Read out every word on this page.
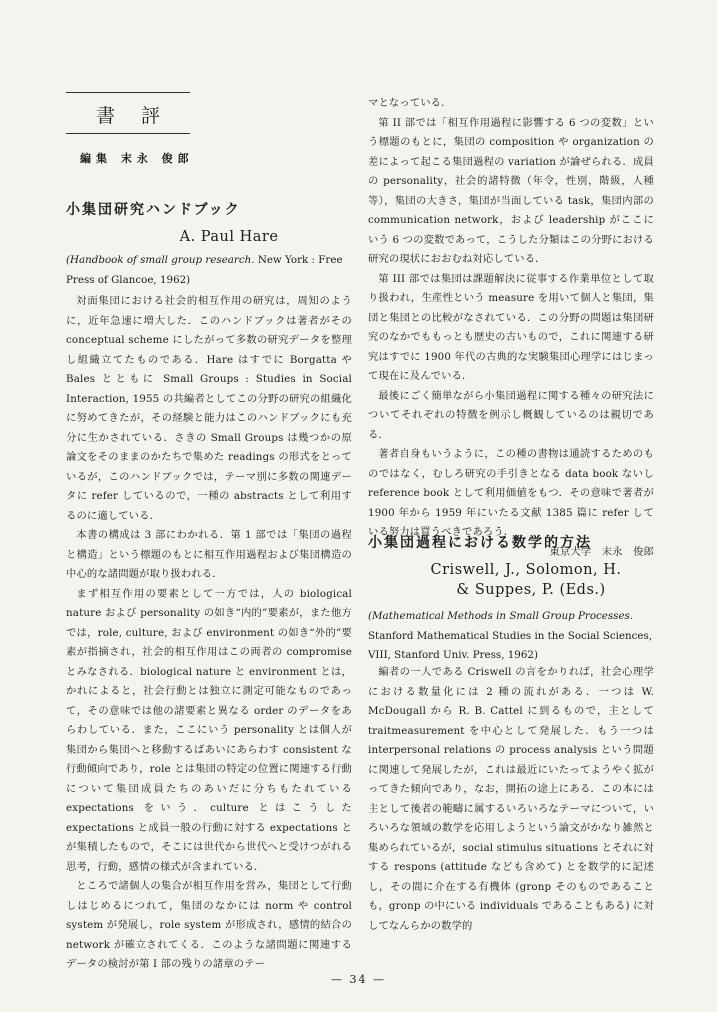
書評
編集 末永 俊郎
小集団研究ハンドブック
A. Paul Hare
(Handbook of small group research. New York : Free Press of Glancoe, 1962)

対面集団における社会的相互作用の研究は，周知のように，近年急速に増大した．このハンドブックは著者がその conceptual scheme にしたがって多数の研究データを整理し組織立てたものである．Hare はすでに Borgatta や Bales とともに Small Groups : Studies in Social Interaction, 1955 の共編者としてこの分野の研究の組織化に努めてきたが，その経験と能力はこのハンドブックにも充分に生かされている．さきの Small Groups は幾つかの原論文をそのままのかたちで集めた readings の形式をとっているが，このハンドブックでは，テーマ別に多数の関連データに refer しているので，一種の abstracts として利用するのに適している．

本書の構成は 3 部にわかれる．第 1 部では「集団の過程と構造」という標題のもとに相互作用過程および集団構造の中心的な諸問題が取り扱われる．

まず相互作用の要素として一方では，人の biological nature および personality の如き“内的”要素が，また他方では，role, culture, および environment の如き“外的”要素が指摘され，社会的相互作用はこの両者の compromise とみなされる．biological nature と environment とは，かれによると，社会行動とは独立に測定可能なものであって，その意味では他の諸要素と異なる order のデータをあらわしている．また，ここにいう personality とは個人が集団から集団へと移動するばあいにあらわす consistent な行動傾向であり，role とは集団の特定の位置に関連する行動について集団成員たちのあいだに分ちもたれている expectations をいう．culture とはこうした expectations と成員一般の行動に対する expectations とが集積したもので，そこには世代から世代へと受けつがれる思考，行動，感情の様式が含まれている．

ところで諸個人の集合が相互作用を営み，集団として行動しはじめるにつれて，集団のなかには norm や control system が発展し，role system が形成され，感情的結合の network が確立されてくる．このような諸問題に関連するデータの検討が第 I 部の残りの諸章のテー

マとなっている．

第 II 部では「相互作用過程に影響する 6 つの変数」という標題のもとに，集団の composition や organization の差によって起こる集団過程の variation が論ぜられる．成員の personality，社会的諸特徴（年令，性別，階級，人種等），集団の大きさ，集団が当面している task，集団内部の communication network，および leadership がここにいう 6 つの変数であって，こうした分類はこの分野における研究の現状におおむね対応している．

第 III 部では集団は課題解決に従事する作業単位として取り扱われ，生産性という measure を用いて個人と集団，集団と集団との比較がなされている．この分野の問題は集団研究のなかでももっとも歴史の古いもので，これに関連する研究はすでに 1900 年代の古典的な実験集団心理学にはじまって現在に及んでいる．

最後にごく簡単ながら小集団過程に関する種々の研究法についてそれぞれの特徴を例示し概観しているのは親切である．

著者自身もいうように，この種の書物は通読するためのものではなく，むしろ研究の手引きとなる data book ないし reference book として利用価値をもつ．その意味で著者が 1900 年から 1959 年にいたる文献 1385 篇に refer している努力は買うべきであろう．

東京大学　末永　俊郎
小集団過程における数学的方法
Criswell, J., Solomon, H.
& Suppes, P. (Eds.)
(Mathematical Methods in Small Group Processes. Stanford Mathematical Studies in the Social Sciences, VIII, Stanford Univ. Press, 1962)

編者の一人である Criswell の言をかりれば，社会心理学における数量化には 2 種の流れがある．一つは W. McDougall から R. B. Cattel に到るもので，主として traitmeasurement を中心として発展した．もう一つは interpersonal relations の process analysis という問題に関連して発展したが，これは最近にいたってようやく拡がってきた傾向であり，なお，開拓の途上にある．この本には主として後者の範疇に属するいろいろなテーマについて，いろいろな領域の数学を応用しようという論文がかなり雑然と集められているが，social stimulus situations とそれに対する respons (attitude なども含めて) とを数学的に記述し，その間に介在する有機体 (gronp そのものであることも，gronp の中にいる individuals であることもある) に対してなんらかの数学的

— 34 —
